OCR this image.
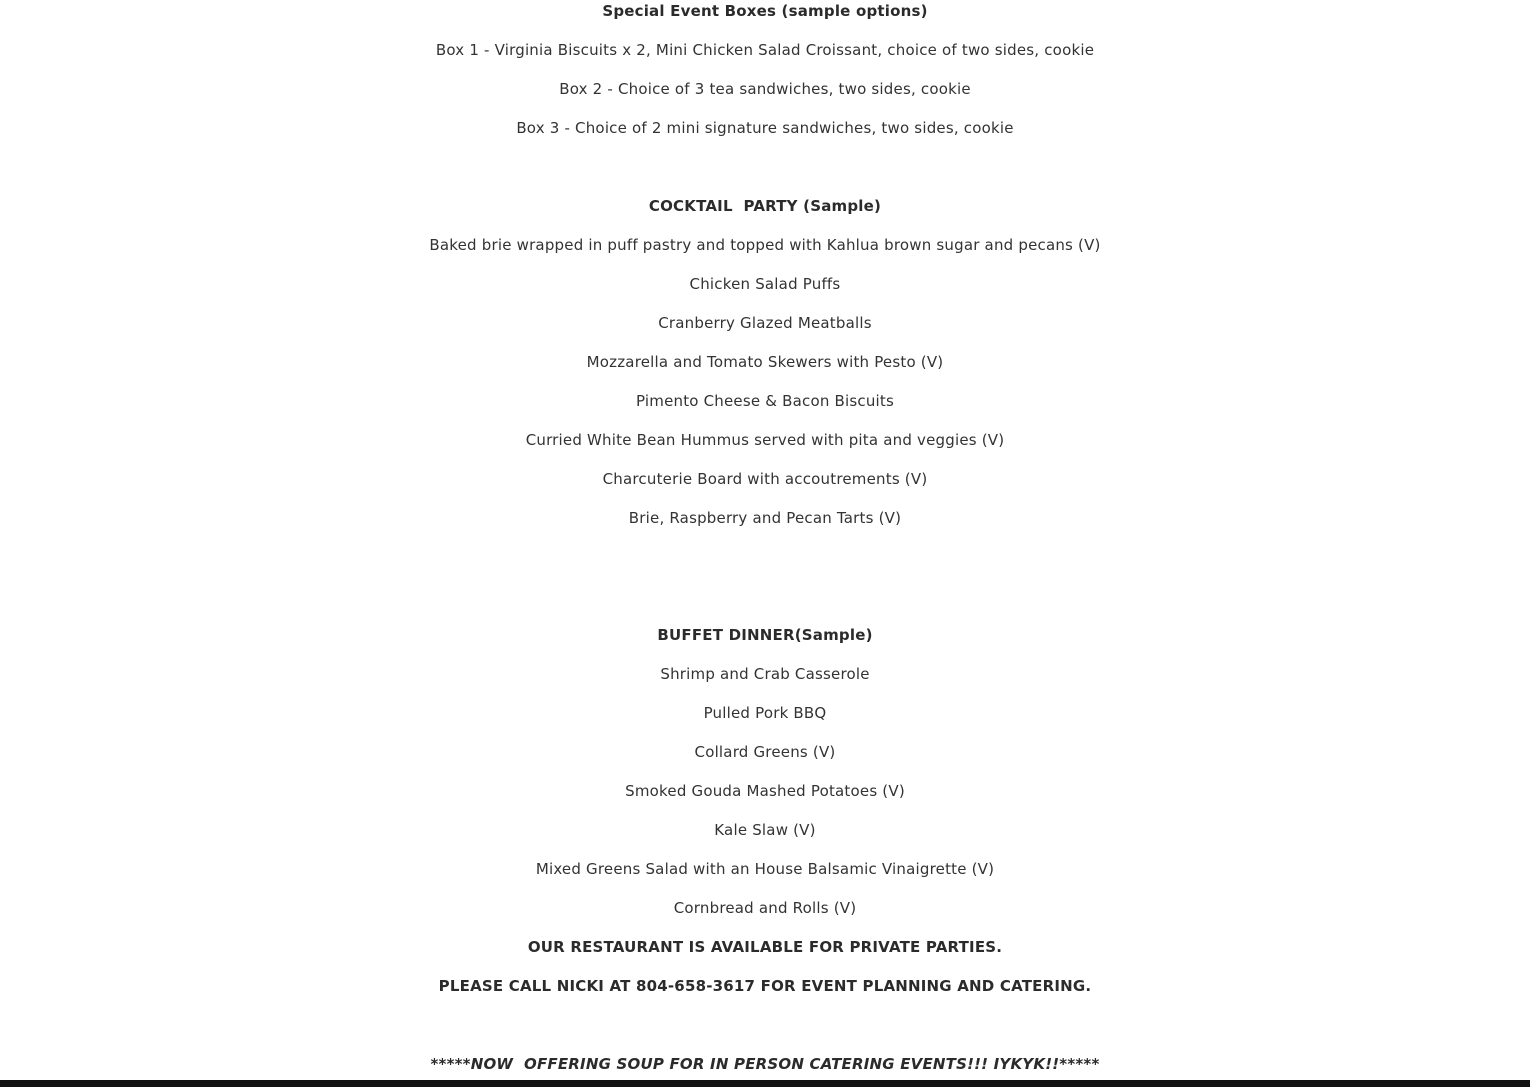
Special Event Boxes (sample options)
Box 1 - Virginia Biscuits x 2, Mini Chicken Salad Croissant, choice of two sides, cookie
Box 2 - Choice of 3 tea sandwiches, two sides, cookie
Box 3 - Choice of 2 mini signature sandwiches, two sides, cookie
COCKTAIL  PARTY (Sample)
Baked brie wrapped in puff pastry and topped with Kahlua brown sugar and pecans (V)
Chicken Salad Puffs
Cranberry Glazed Meatballs
Mozzarella and Tomato Skewers with Pesto (V)
Pimento Cheese & Bacon Biscuits
Curried White Bean Hummus served with pita and veggies (V)
Charcuterie Board with accoutrements (V)
Brie, Raspberry and Pecan Tarts (V)
BUFFET DINNER(Sample)
Shrimp and Crab Casserole
Pulled Pork BBQ
Collard Greens (V)
Smoked Gouda Mashed Potatoes (V)
Kale Slaw (V)
Mixed Greens Salad with an House Balsamic Vinaigrette (V)
Cornbread and Rolls (V)
OUR RESTAURANT IS AVAILABLE FOR PRIVATE PARTIES.
PLEASE CALL NICKI AT 804-658-3617 FOR EVENT PLANNING AND CATERING.
*****NOW  OFFERING SOUP FOR IN PERSON CATERING EVENTS!!! IYKYK!!*****
